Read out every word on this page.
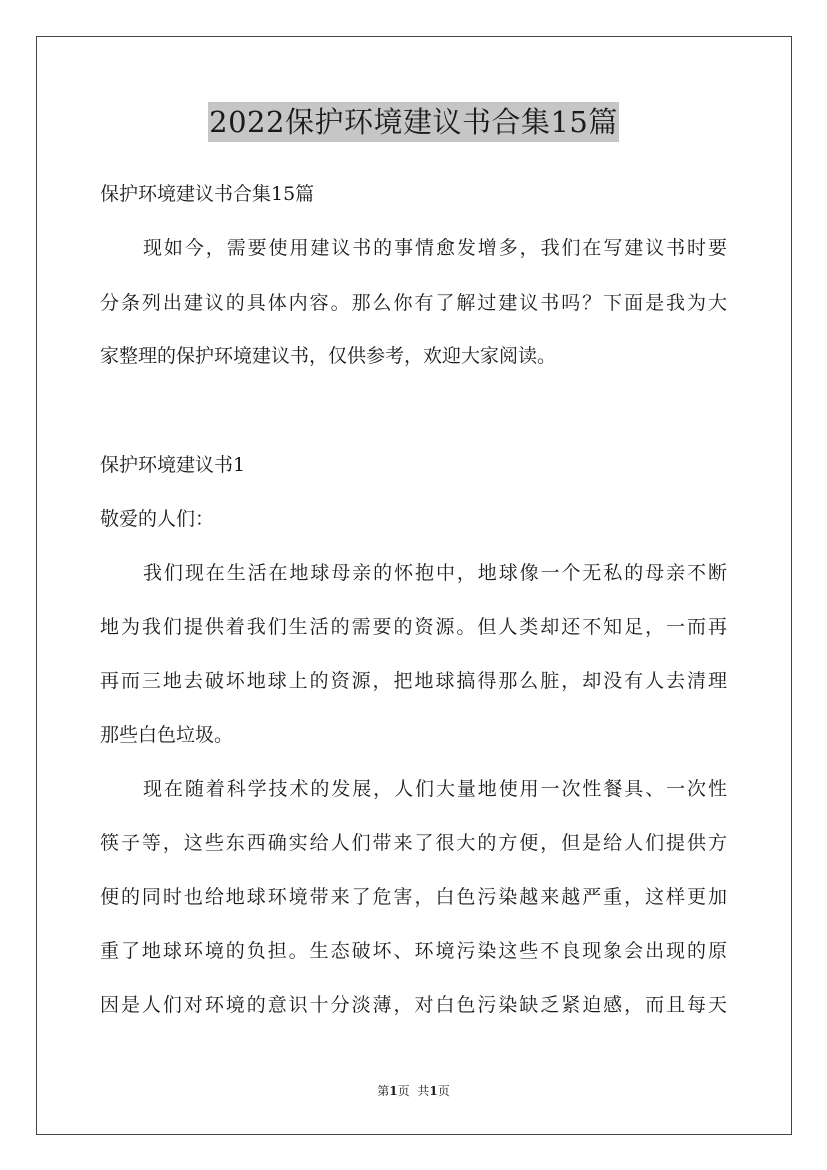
2022保护环境建议书合集15篇
保护环境建议书合集15篇
现如今，需要使用建议书的事情愈发增多，我们在写建议书时要
分条列出建议的具体内容。那么你有了解过建议书吗？下面是我为大
家整理的保护环境建议书，仅供参考，欢迎大家阅读。
保护环境建议书1
敬爱的人们：
我们现在生活在地球母亲的怀抱中，地球像一个无私的母亲不断
地为我们提供着我们生活的需要的资源。但人类却还不知足，一而再
再而三地去破坏地球上的资源，把地球搞得那么脏，却没有人去清理
那些白色垃圾。
现在随着科学技术的发展，人们大量地使用一次性餐具、一次性
筷子等，这些东西确实给人们带来了很大的方便，但是给人们提供方
便的同时也给地球环境带来了危害，白色污染越来越严重，这样更加
重了地球环境的负担。生态破坏、环境污染这些不良现象会出现的原
因是人们对环境的意识十分淡薄，对白色污染缺乏紧迫感，而且每天
第1页 共1页
